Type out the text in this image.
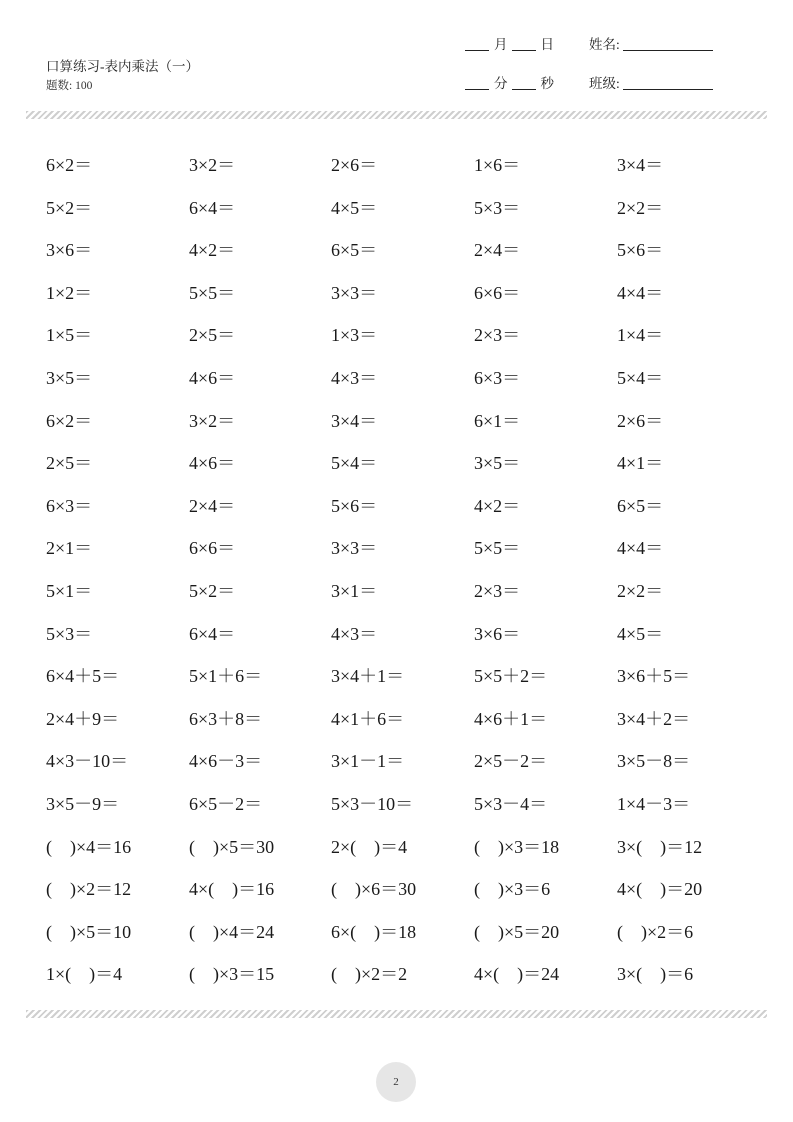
口算练习-表内乘法（一）
题数: 100
月 日
分 秒
姓名:
班级:
6×2＝	3×2＝	2×6＝	1×6＝	3×4＝
5×2＝	6×4＝	4×5＝	5×3＝	2×2＝
3×6＝	4×2＝	6×5＝	2×4＝	5×6＝
1×2＝	5×5＝	3×3＝	6×6＝	4×4＝
1×5＝	2×5＝	1×3＝	2×3＝	1×4＝
3×5＝	4×6＝	4×3＝	6×3＝	5×4＝
6×2＝	3×2＝	3×4＝	6×1＝	2×6＝
2×5＝	4×6＝	5×4＝	3×5＝	4×1＝
6×3＝	2×4＝	5×6＝	4×2＝	6×5＝
2×1＝	6×6＝	3×3＝	5×5＝	4×4＝
5×1＝	5×2＝	3×1＝	2×3＝	2×2＝
5×3＝	6×4＝	4×3＝	3×6＝	4×5＝
6×4＋5＝	5×1＋6＝	3×4＋1＝	5×5＋2＝	3×6＋5＝
2×4＋9＝	6×3＋8＝	4×1＋6＝	4×6＋1＝	3×4＋2＝
4×3－10＝	4×6－3＝	3×1－1＝	2×5－2＝	3×5－8＝
3×5－9＝	6×5－2＝	5×3－10＝	5×3－4＝	1×4－3＝
(　)×4＝16	(　)×5＝30	2×(　)＝4	(　)×3＝18	3×(　)＝12
(　)×2＝12	4×(　)＝16	(　)×6＝30	(　)×3＝6	4×(　)＝20
(　)×5＝10	(　)×4＝24	6×(　)＝18	(　)×5＝20	(　)×2＝6
1×(　)＝4	(　)×3＝15	(　)×2＝2	4×(　)＝24	3×(　)＝6
2
